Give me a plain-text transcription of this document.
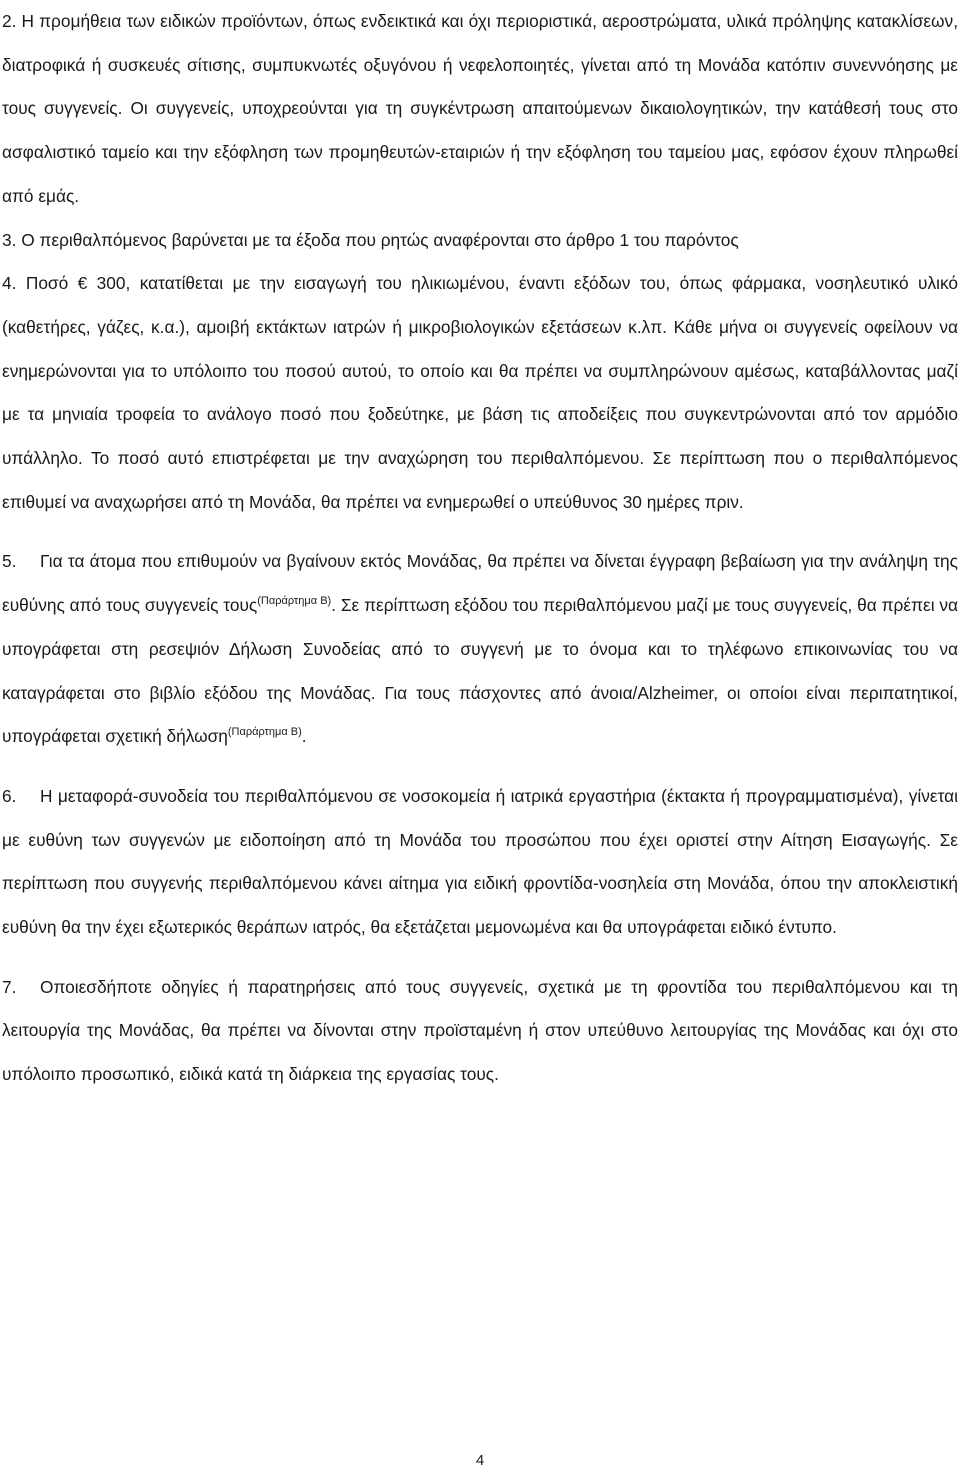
2. Η προμήθεια των ειδικών προϊόντων, όπως ενδεικτικά και όχι περιοριστικά, αεροστρώματα, υλικά πρόληψης κατακλίσεων, διατροφικά ή συσκευές σίτισης, συμπυκνωτές οξυγόνου ή νεφελοποιητές, γίνεται από τη Μονάδα κατόπιν συνεννόησης με τους συγγενείς. Οι συγγενείς, υποχρεούνται για τη συγκέντρωση απαιτούμενων δικαιολογητικών, την κατάθεσή τους στο ασφαλιστικό ταμείο και την εξόφληση των προμηθευτών-εταιριών ή την εξόφληση του ταμείου μας, εφόσον έχουν πληρωθεί από εμάς.

3. Ο περιθαλπόμενος βαρύνεται με τα έξοδα που ρητώς αναφέρονται στο άρθρο 1 του παρόντος

4. Ποσό € 300, κατατίθεται με την εισαγωγή του ηλικιωμένου, έναντι εξόδων του, όπως φάρμακα, νοσηλευτικό υλικό (καθετήρες, γάζες, κ.α.), αμοιβή εκτάκτων ιατρών ή μικροβιολογικών εξετάσεων κ.λπ. Κάθε μήνα οι συγγενείς οφείλουν να ενημερώνονται για το υπόλοιπο του ποσού αυτού, το οποίο και θα πρέπει να συμπληρώνουν αμέσως, καταβάλλοντας μαζί με τα μηνιαία τροφεία το ανάλογο ποσό που ξοδεύτηκε, με βάση τις αποδείξεις που συγκεντρώνονται από τον αρμόδιο υπάλληλο. Το ποσό αυτό επιστρέφεται με την αναχώρηση του περιθαλπόμενου. Σε περίπτωση που ο περιθαλπόμενος επιθυμεί να αναχωρήσει από τη Μονάδα, θα πρέπει να ενημερωθεί ο υπεύθυνος 30 ημέρες πριν.

5. Για τα άτομα που επιθυμούν να βγαίνουν εκτός Μονάδας, θα πρέπει να δίνεται έγγραφη βεβαίωση για την ανάληψη της ευθύνης από τους συγγενείς τους$^{(\Pi\alpha\rho ά\rho\tau\eta\mu\alpha B)}$. Σε περίπτωση εξόδου του περιθαλπόμενου μαζί με τους συγγενείς, θα πρέπει να υπογράφεται στη ρεσεψιόν Δήλωση Συνοδείας από το συγγενή με το όνομα και το τηλέφωνο επικοινωνίας του να καταγράφεται στο βιβλίο εξόδου της Μονάδας. Για τους πάσχοντες από άνοια/Alzheimer, οι οποίοι είναι περιπατητικοί, υπογράφεται σχετική δήλωση$^{(\Pi\alpha\rho ά\rho\tau\eta\mu\alpha B)}$.

6. Η μεταφορά-συνοδεία του περιθαλπόμενου σε νοσοκομεία ή ιατρικά εργαστήρια (έκτακτα ή προγραμματισμένα), γίνεται με ευθύνη των συγγενών με ειδοποίηση από τη Μονάδα του προσώπου που έχει οριστεί στην Αίτηση Εισαγωγής. Σε περίπτωση που συγγενής περιθαλπόμενου κάνει αίτημα για ειδική φροντίδα-νοσηλεία στη Μονάδα, όπου την αποκλειστική ευθύνη θα την έχει εξωτερικός θεράπων ιατρός, θα εξετάζεται μεμονωμένα και θα υπογράφεται ειδικό έντυπο.

7. Οποιεσδήποτε οδηγίες ή παρατηρήσεις από τους συγγενείς, σχετικά με τη φροντίδα του περιθαλπόμενου και τη λειτουργία της Μονάδας, θα πρέπει να δίνονται στην προϊσταμένη ή στον υπεύθυνο λειτουργίας της Μονάδας και όχι στο υπόλοιπο προσωπικό, ειδικά κατά τη διάρκεια της εργασίας τους.

4
